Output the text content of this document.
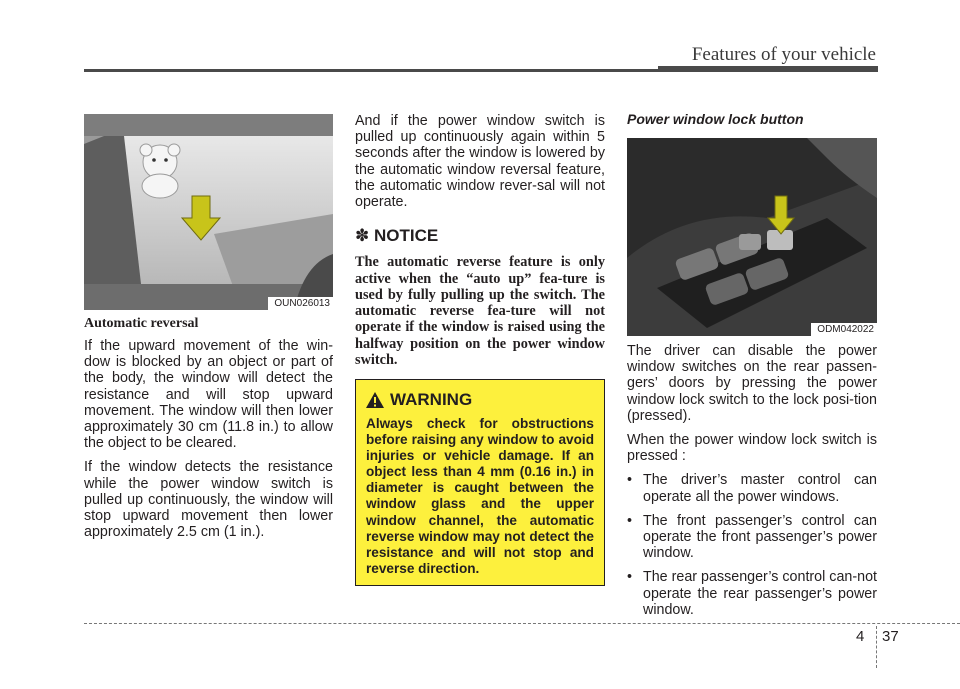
Features of your vehicle
OUN026013

Automatic reversal

If the upward movement of the win-dow is blocked by an object or part of the body, the window will detect the resistance and will stop upward movement. The window will then lower approximately 30 cm (11.8 in.) to allow the object to be cleared.

If the window detects the resistance while the power window switch is pulled up continuously, the window will stop upward movement then lower approximately 2.5 cm (1 in.).

And if the power window switch is pulled up continuously again within 5 seconds after the window is lowered by the automatic window reversal feature, the automatic window rever-sal will not operate.

✽ NOTICE

The automatic reverse feature is only active when the “auto up” fea-ture is used by fully pulling up the switch. The automatic reverse fea-ture will not operate if the window is raised using the halfway position on the power window switch.

WARNING

Always check for obstructions before raising any window to avoid injuries or vehicle damage. If an object less than 4 mm (0.16 in.) in diameter is caught between the window glass and the upper window channel, the automatic reverse window may not detect the resistance and will not stop and reverse direction.

Power window lock button

ODM042022

The driver can disable the power window switches on the rear passen-gers’ doors by pressing the power window lock switch to the lock posi-tion (pressed).

When the power window lock switch is pressed :

• The driver’s master control can operate all the power windows.
• The front passenger’s control can operate the front passenger’s power window.
• The rear passenger’s control can-not operate the rear passenger’s power window.
4 37
